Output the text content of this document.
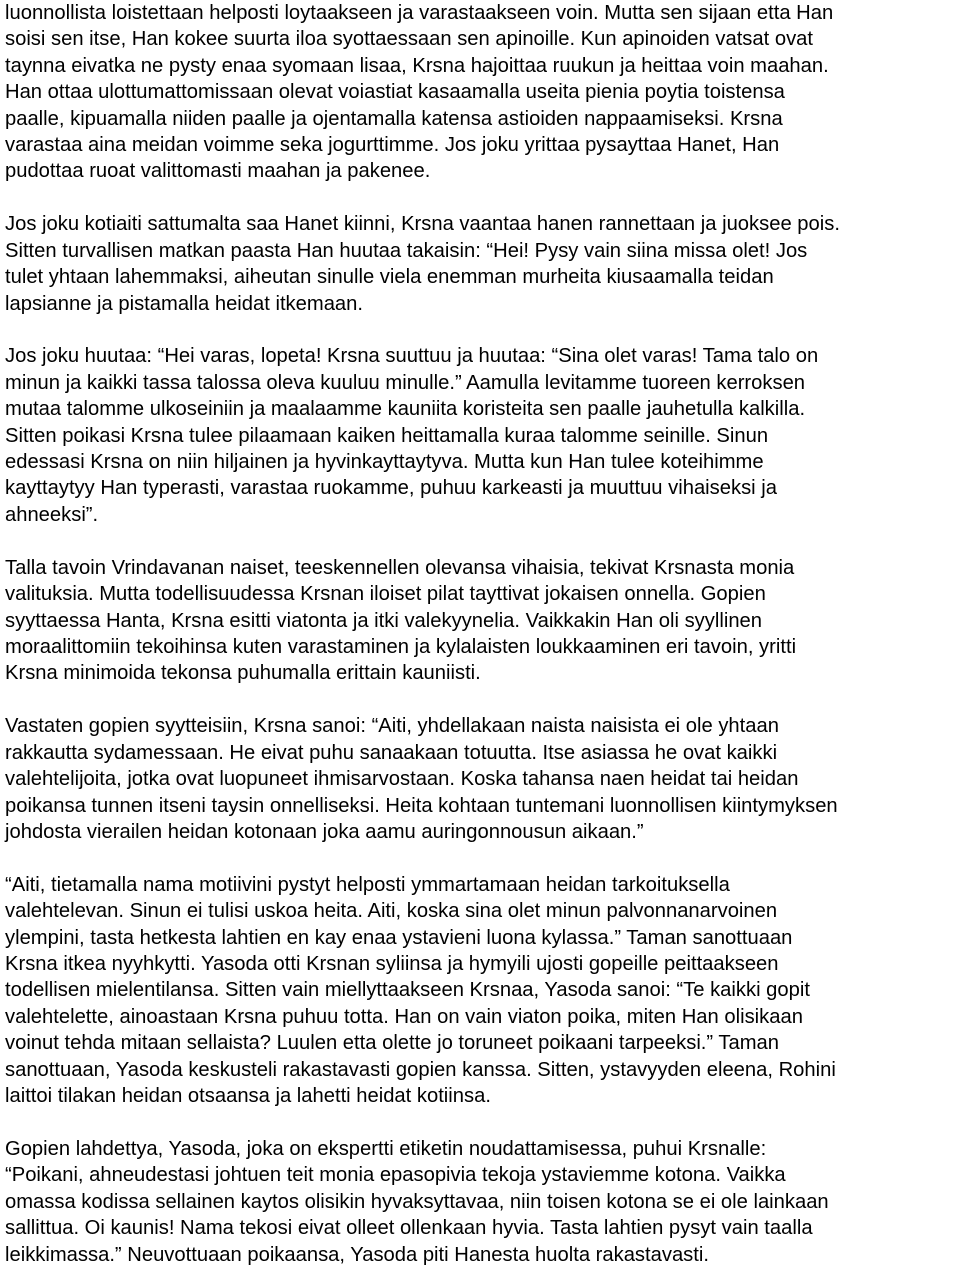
luonnollista loistettaan helposti loytaakseen ja varastaakseen voin. Mutta sen sijaan etta Han
soisi sen itse, Han kokee suurta iloa syottaessaan sen apinoille. Kun apinoiden vatsat ovat
taynna eivatka ne pysty enaa syomaan lisaa, Krsna hajoittaa ruukun ja heittaa voin maahan.
Han ottaa ulottumattomissaan olevat voiastiat kasaamalla useita pienia poytia toistensa
paalle, kipuamalla niiden paalle ja ojentamalla katensa astioiden nappaamiseksi. Krsna
varastaa aina meidan voimme seka jogurttimme. Jos joku yrittaa pysayttaa Hanet, Han
pudottaa ruoat valittomasti maahan ja pakenee.
Jos joku kotiaiti sattumalta saa Hanet kiinni, Krsna vaantaa hanen rannettaan ja juoksee pois.
Sitten turvallisen matkan paasta Han huutaa takaisin: “Hei! Pysy vain siina missa olet! Jos
tulet yhtaan lahemmaksi, aiheutan sinulle viela enemman murheita kiusaamalla teidan
lapsianne ja pistamalla heidat itkemaan.
Jos joku huutaa: “Hei varas, lopeta! Krsna suuttuu ja huutaa: “Sina olet varas! Tama talo on
minun ja kaikki tassa talossa oleva kuuluu minulle.” Aamulla levitamme tuoreen kerroksen
mutaa talomme ulkoseiniin ja maalaamme kauniita koristeita sen paalle jauhetulla kalkilla.
Sitten poikasi Krsna tulee pilaamaan kaiken heittamalla kuraa talomme seinille. Sinun
edessasi Krsna on niin hiljainen ja hyvinkayttaytyva. Mutta kun Han tulee koteihimme
kayttaytyy Han typerasti, varastaa ruokamme, puhuu karkeasti ja muuttuu vihaiseksi ja
ahneeksi”.
Talla tavoin Vrindavanan naiset, teeskennellen olevansa vihaisia, tekivat Krsnasta monia
valituksia. Mutta todellisuudessa Krsnan iloiset pilat tayttivat jokaisen onnella. Gopien
syyttaessa Hanta, Krsna esitti viatonta ja itki valekyynelia. Vaikkakin Han oli syyllinen
moraalittomiin tekoihinsa kuten varastaminen ja kylalaisten loukkaaminen eri tavoin, yritti
Krsna minimoida tekonsa puhumalla erittain kauniisti.
Vastaten gopien syytteisiin, Krsna sanoi: “Aiti, yhdellakaan naista naisista ei ole yhtaan
rakkautta sydamessaan. He eivat puhu sanaakaan totuutta. Itse asiassa he ovat kaikki
valehtelijoita, jotka ovat luopuneet ihmisarvostaan. Koska tahansa naen heidat tai heidan
poikansa tunnen itseni taysin onnelliseksi. Heita kohtaan tuntemani luonnollisen kiintymyksen
johdosta vierailen heidan kotonaan joka aamu auringonnousun aikaan.”
“Aiti, tietamalla nama motiivini pystyt helposti ymmartamaan heidan tarkoituksella
valehtelevan. Sinun ei tulisi uskoa heita. Aiti, koska sina olet minun palvonnanarvoinen
ylempini, tasta hetkesta lahtien en kay enaa ystavieni luona kylassa.” Taman sanottuaan
Krsna itkea nyyhkytti. Yasoda otti Krsnan syliinsa ja hymyili ujosti gopeille peittaakseen
todellisen mielentilansa. Sitten vain miellyttaakseen Krsnaa, Yasoda sanoi: “Te kaikki gopit
valehtelette, ainoastaan Krsna puhuu totta. Han on vain viaton poika, miten Han olisikaan
voinut tehda mitaan sellaista? Luulen etta olette jo toruneet poikaani tarpeeksi.” Taman
sanottuaan, Yasoda keskusteli rakastavasti gopien kanssa. Sitten, ystavyyden eleena, Rohini
laittoi tilakan heidan otsaansa ja lahetti heidat kotiinsa.
Gopien lahdettya, Yasoda, joka on ekspertti etiketin noudattamisessa, puhui Krsnalle:
“Poikani, ahneudestasi johtuen teit monia epasopivia tekoja ystaviemme kotona. Vaikka
omassa kodissa sellainen kaytos olisikin hyvaksyttavaa, niin toisen kotona se ei ole lainkaan
sallittua. Oi kaunis! Nama tekosi eivat olleet ollenkaan hyvia. Tasta lahtien pysyt vain taalla
leikkimassa.” Neuvottuaan poikaansa, Yasoda piti Hanesta huolta rakastavasti.
